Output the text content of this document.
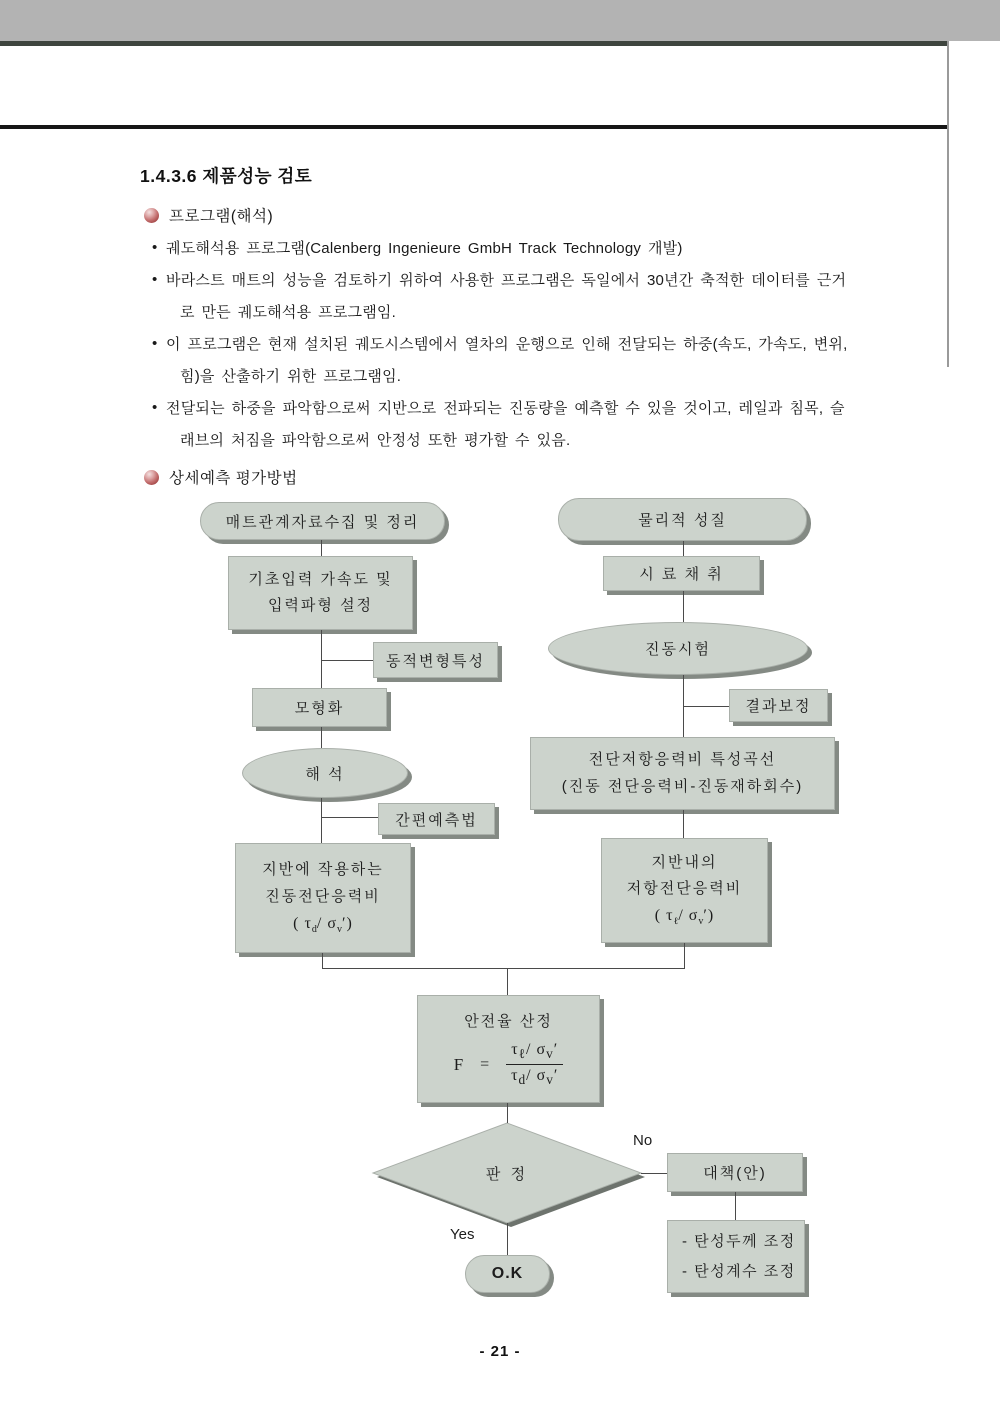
1.4.3.6 제품성능 검토
프로그램(해석)
• 궤도해석용 프로그램(Calenberg Ingenieure GmbH Track Technology 개발)
• 바라스트 매트의 성능을 검토하기 위하여 사용한 프로그램은 독일에서 30년간 축적한 데이터를 근거
로 만든 궤도해석용 프로그램임.
• 이 프로그램은 현재 설치된 궤도시스템에서 열차의 운행으로 인해 전달되는 하중(속도, 가속도, 변위,
힘)을 산출하기 위한 프로그램임.
• 전달되는 하중을 파악함으로써 지반으로 전파되는 진동량을 예측할 수 있을 것이고, 레일과 침목, 슬
래브의 처짐을 파악함으로써 안정성 또한 평가할 수 있음.
상세예측 평가방법
매트관계자료수집 및 정리
기초입력 가속도 및
입력파형 설정
동적변형특성
모형화
해 석
간편예측법
지반에 작용하는
진동전단응력비
( $\tau_d/$ $\sigma_v'$)
물리적 성질
시 료 채 취
진동시험
결과보정
전단저항응력비 특성곡선
(진동 전단응력비-진동재하회수)
지반내의
저항전단응력비
( $\tau_\ell/$ $\sigma_v'$)
안전율 산정
$F = \frac{\tau_\ell/ \sigma_v'}{\tau_d/ \sigma_v'}$
판 정
No
Yes
대책(안)
- 탄성두께 조정
- 탄성계수 조정
O.K
- 21 -
